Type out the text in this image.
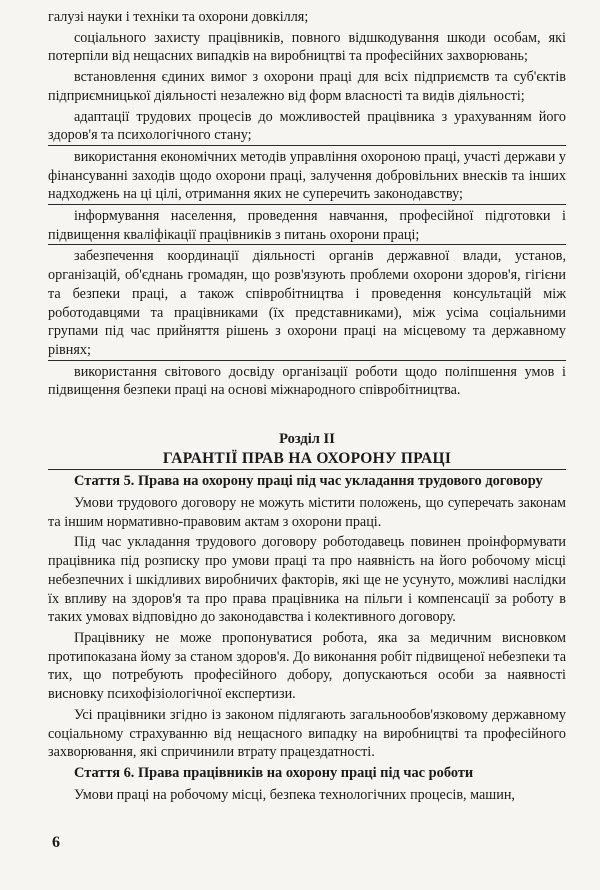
галузі науки і техніки та охорони довкілля;

соціального захисту працівників, повного відшкодування шкоди особам, які потерпіли від нещасних випадків на виробництві та професійних захворювань;

встановлення єдиних вимог з охорони праці для всіх підприємств та суб'єктів підприємницької діяльності незалежно від форм власності та видів діяльності;

адаптації трудових процесів до можливостей працівника з урахуванням його здоров'я та психологічного стану;

використання економічних методів управління охороною праці, участі держави у фінансуванні заходів щодо охорони праці, залучення добровільних внесків та інших надходжень на ці цілі, отримання яких не суперечить законодавству;

інформування населення, проведення навчання, професійної підготовки і підвищення кваліфікації працівників з питань охорони праці;

забезпечення координації діяльності органів державної влади, установ, організацій, об'єднань громадян, що розв'язують проблеми охорони здоров'я, гігієни та безпеки праці, а також співробітництва і проведення консультацій між роботодавцями та працівниками (їх представниками), між усіма соціальними групами під час прийняття рішень з охорони праці на місцевому та державному рівнях;

використання світового досвіду організації роботи щодо поліпшення умов і підвищення безпеки праці на основі міжнародного співробітництва.

Розділ II
ГАРАНТІЇ ПРАВ НА ОХОРОНУ ПРАЦІ
Стаття 5. Права на охорону праці під час укладання трудового договору

Умови трудового договору не можуть містити положень, що суперечать законам та іншим нормативно-правовим актам з охорони праці.

Під час укладання трудового договору роботодавець повинен проінформувати працівника під розписку про умови праці та про наявність на його робочому місці небезпечних і шкідливих виробничих факторів, які ще не усунуто, можливі наслідки їх впливу на здоров'я та про права працівника на пільги і компенсації за роботу в таких умовах відповідно до законодавства і колективного договору.

Працівнику не може пропонуватися робота, яка за медичним висновком протипоказана йому за станом здоров'я. До виконання робіт підвищеної небезпеки та тих, що потребують професійного добору, допускаються особи за наявності висновку психофізіологічної експертизи.

Усі працівники згідно із законом підлягають загальнообов'язковому державному соціальному страхуванню від нещасного випадку на виробництві та професійного захворювання, які спричинили втрату працездатності.

Стаття 6. Права працівників на охорону праці під час роботи

Умови праці на робочому місці, безпека технологічних процесів, машин,

6
